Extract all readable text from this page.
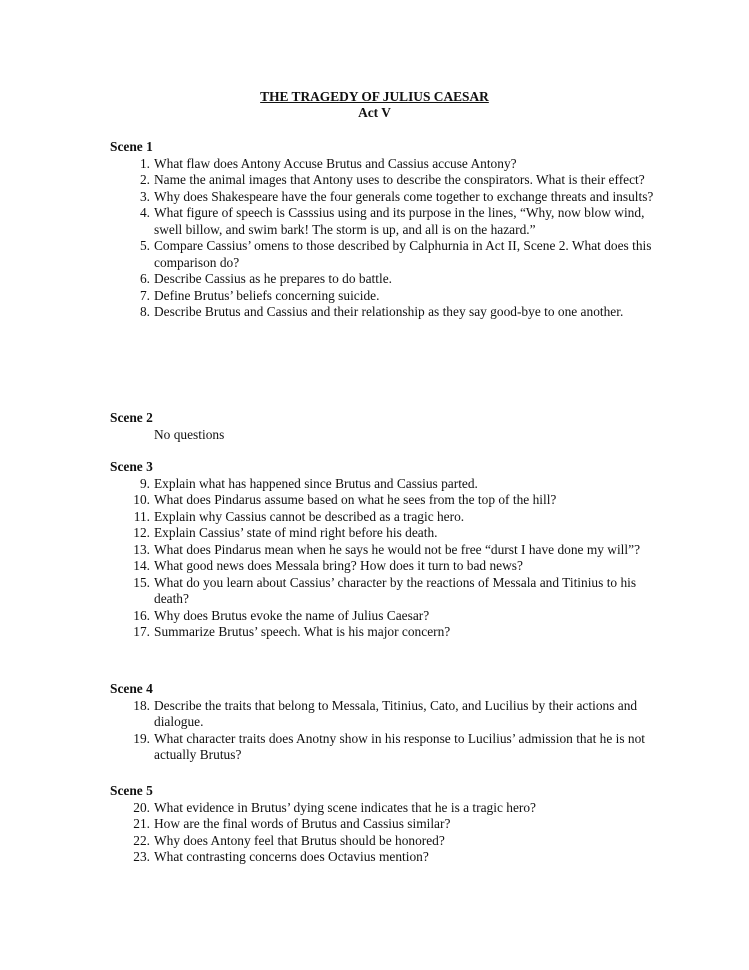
THE TRAGEDY OF JULIUS CAESAR
Act V

Scene 1

1. What flaw does Antony Accuse Brutus and Cassius accuse Antony?
2. Name the animal images that Antony uses to describe the conspirators. What is their effect?
3. Why does Shakespeare have the four generals come together to exchange threats and insults?
4. What figure of speech is Casssius using and its purpose in the lines, “Why, now blow wind, swell billow, and swim bark! The storm is up, and all is on the hazard.”
5. Compare Cassius’ omens to those described by Calphurnia in Act II, Scene 2. What does this comparison do?
6. Describe Cassius as he prepares to do battle.
7. Define Brutus’ beliefs concerning suicide.
8. Describe Brutus and Cassius and their relationship as they say good-bye to one another.

Scene 2

No questions

Scene 3

9. Explain what has happened since Brutus and Cassius parted.
10. What does Pindarus assume based on what he sees from the top of the hill?
11. Explain why Cassius cannot be described as a tragic hero.
12. Explain Cassius’ state of mind right before his death.
13. What does Pindarus mean when he says he would not be free “durst I have done my will”?
14. What good news does Messala bring? How does it turn to bad news?
15. What do you learn about Cassius’ character by the reactions of Messala and Titinius to his death?
16. Why does Brutus evoke the name of Julius Caesar?
17. Summarize Brutus’ speech. What is his major concern?

Scene 4

18. Describe the traits that belong to Messala, Titinius, Cato, and Lucilius by their actions and dialogue.
19. What character traits does Anotny show in his response to Lucilius’ admission that he is not actually Brutus?

Scene 5

20. What evidence in Brutus’ dying scene indicates that he is a tragic hero?
21. How are the final words of Brutus and Cassius similar?
22. Why does Antony feel that Brutus should be honored?
23. What contrasting concerns does Octavius mention?
